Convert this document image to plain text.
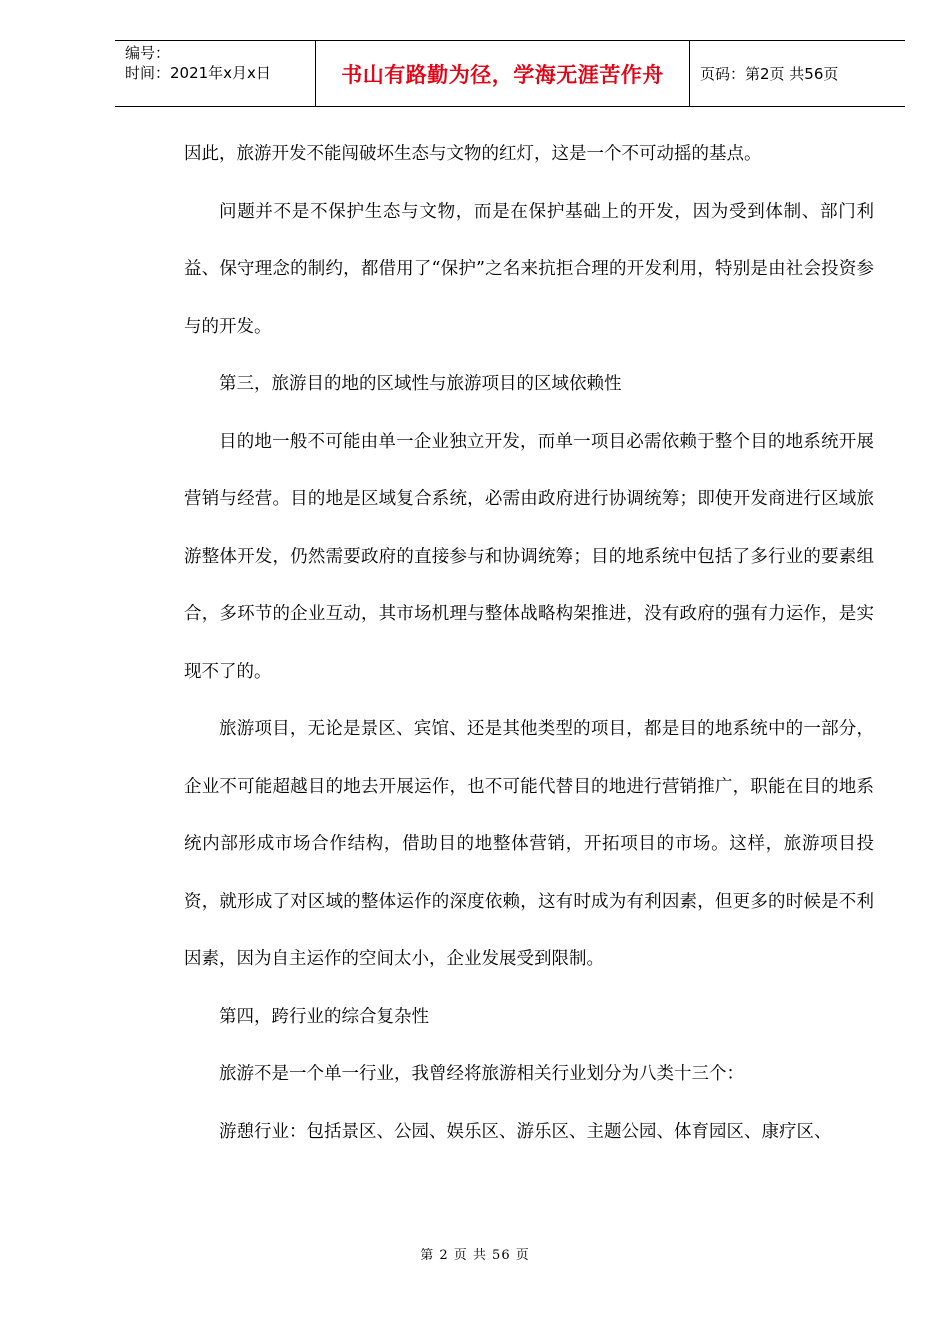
编号：
时间：2021年x月x日	书山有路勤为径，学海无涯苦作舟	页码：第2页 共56页

因此，旅游开发不能闯破坏生态与文物的红灯，这是一个不可动摇的基点。

问题并不是不保护生态与文物，而是在保护基础上的开发，因为受到体制、部门利益、保守理念的制约，都借用了“保护”之名来抗拒合理的开发利用，特别是由社会投资参与的开发。

第三，旅游目的地的区域性与旅游项目的区域依赖性

目的地一般不可能由单一企业独立开发，而单一项目必需依赖于整个目的地系统开展营销与经营。目的地是区域复合系统，必需由政府进行协调统筹；即使开发商进行区域旅游整体开发，仍然需要政府的直接参与和协调统筹；目的地系统中包括了多行业的要素组合，多环节的企业互动，其市场机理与整体战略构架推进，没有政府的强有力运作，是实现不了的。

旅游项目，无论是景区、宾馆、还是其他类型的项目，都是目的地系统中的一部分，企业不可能超越目的地去开展运作，也不可能代替目的地进行营销推广，职能在目的地系统内部形成市场合作结构，借助目的地整体营销，开拓项目的市场。这样，旅游项目投资，就形成了对区域的整体运作的深度依赖，这有时成为有利因素，但更多的时候是不利因素，因为自主运作的空间太小，企业发展受到限制。

第四，跨行业的综合复杂性

旅游不是一个单一行业，我曾经将旅游相关行业划分为八类十三个：

游憩行业：包括景区、公园、娱乐区、游乐区、主题公园、体育园区、康疗区、

第 2 页 共 56 页
